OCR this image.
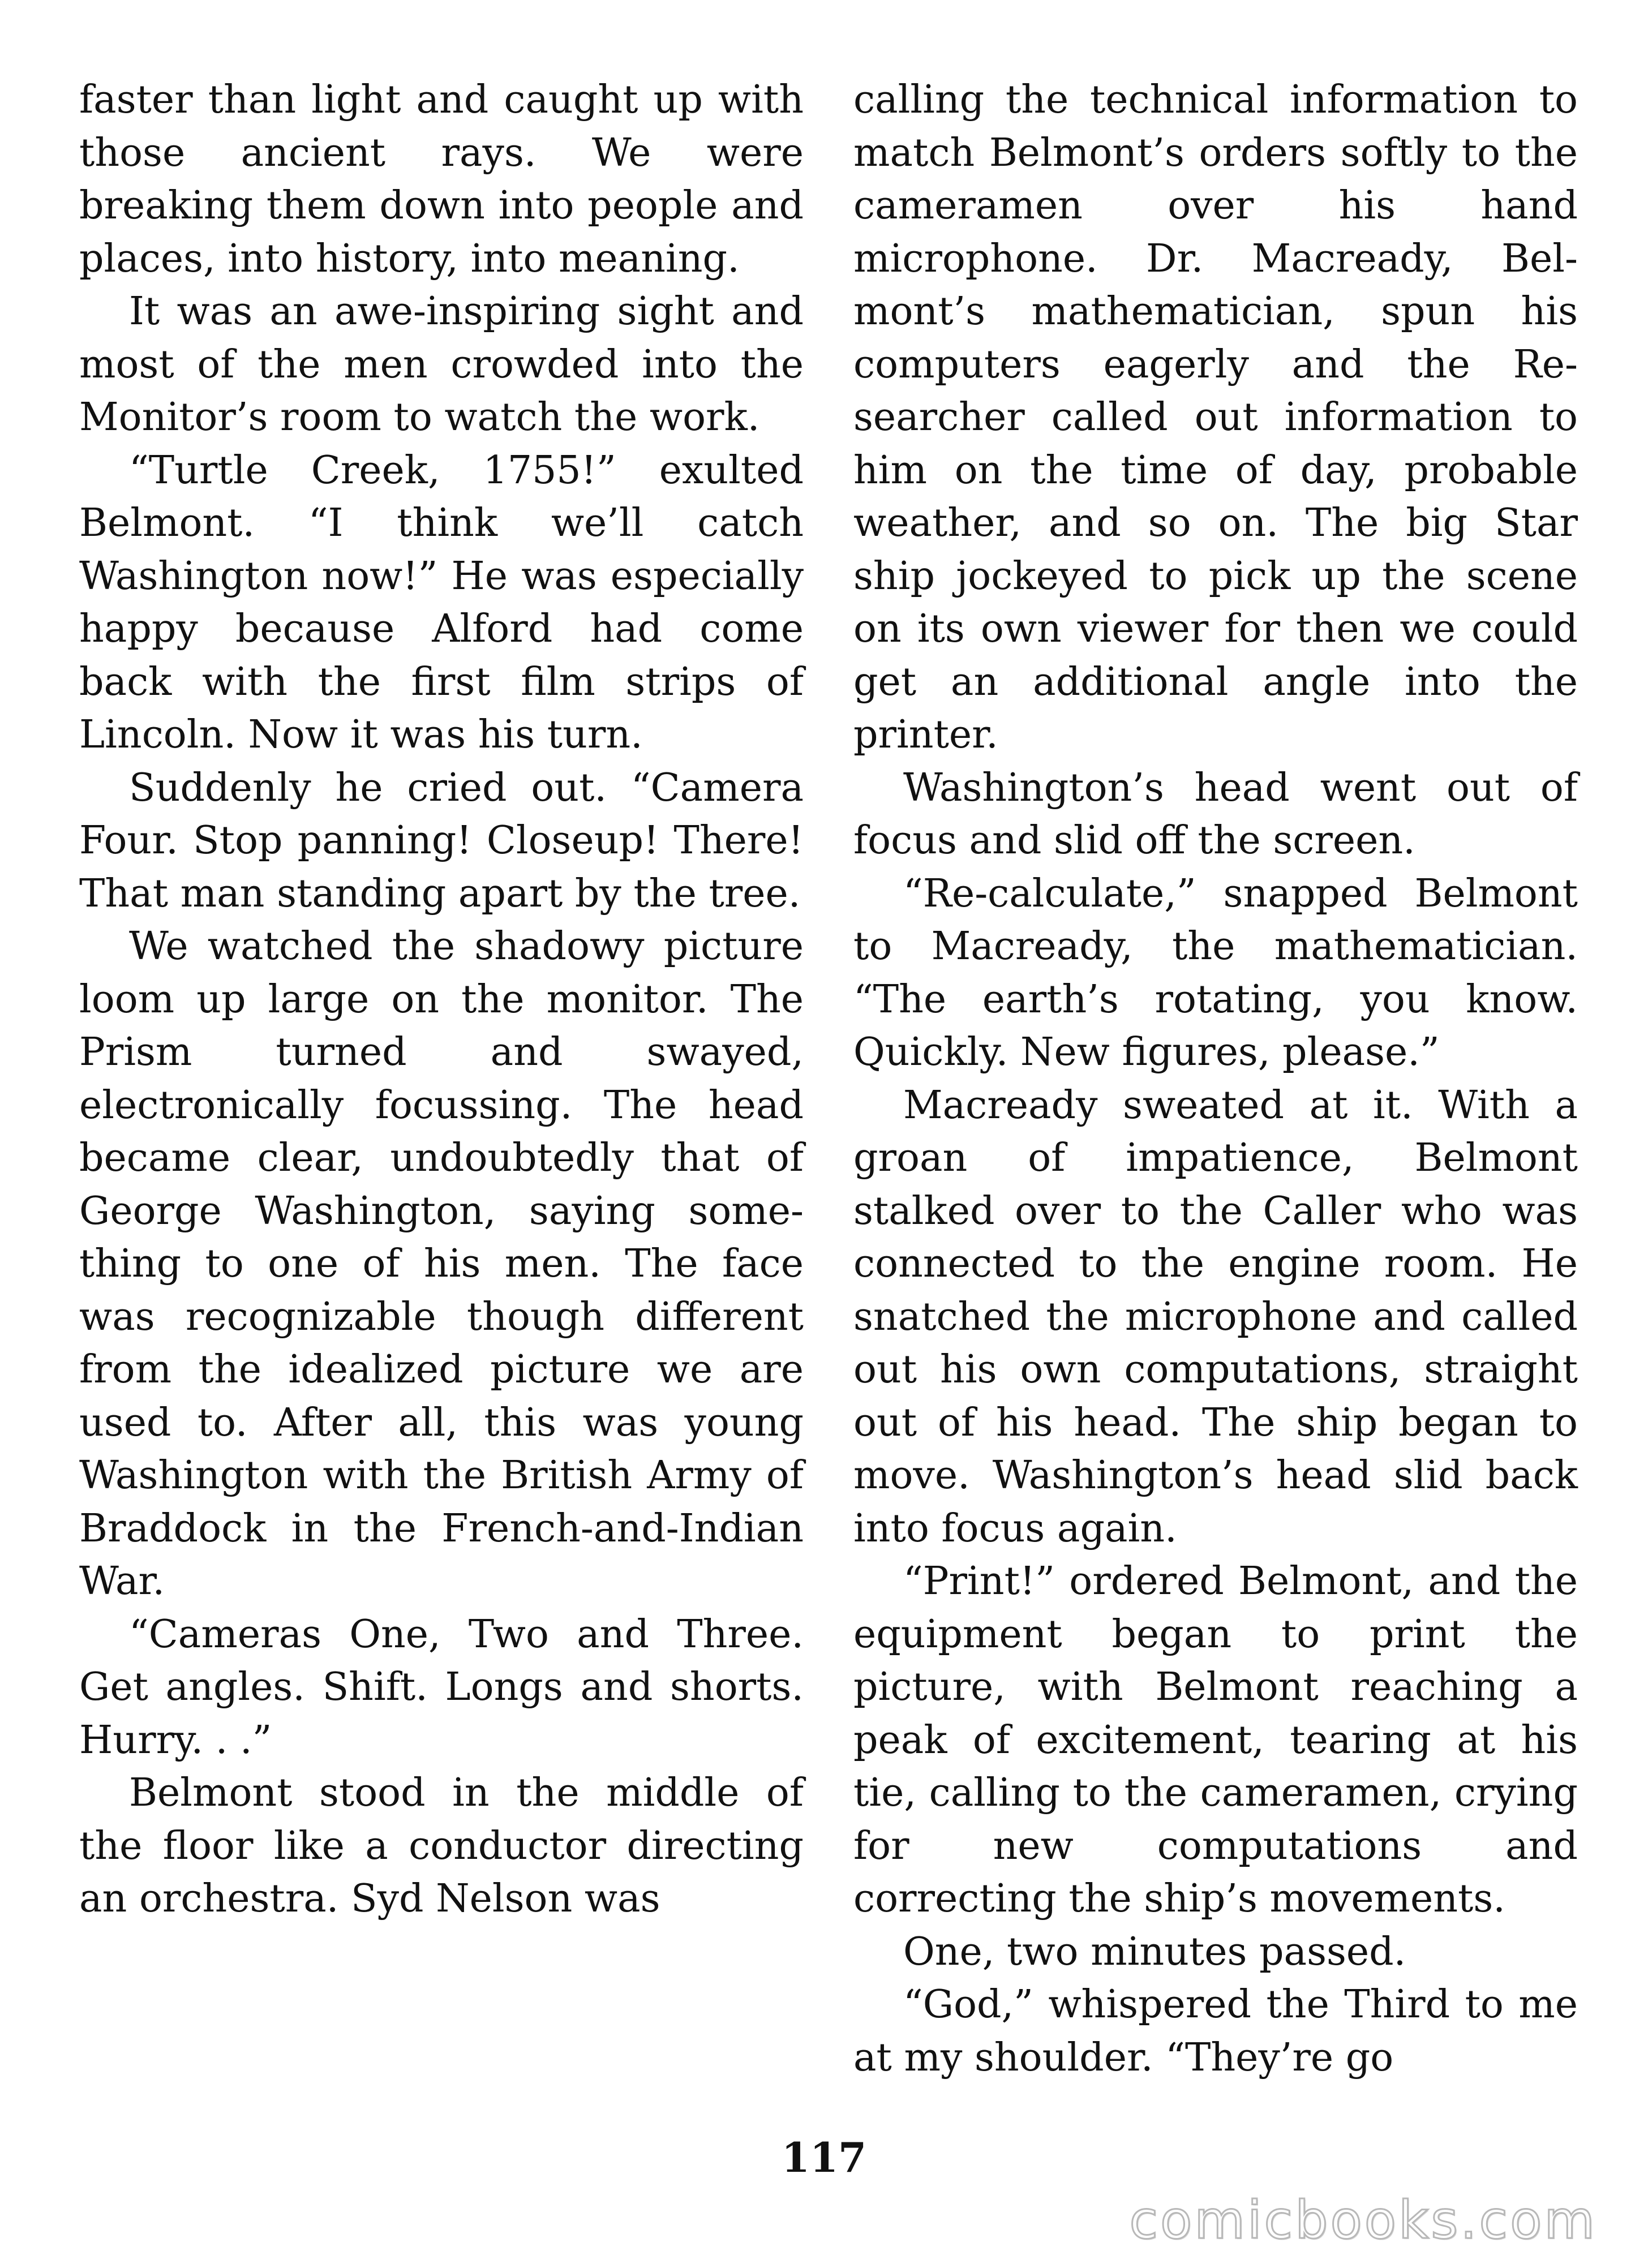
faster than light and caught up with those ancient rays. We were breaking them down into people and places, into history, into meaning.

It was an awe-inspiring sight and most of the men crowded into the Monitor’s room to watch the work.

“Turtle Creek, 1755!” exulted Belmont. “I think we’ll catch Washington now!” He was especially happy because Alford had come back with the first film strips of Lincoln. Now it was his turn.

Suddenly he cried out. “Camera Four. Stop panning! Closeup! There! That man standing apart by the tree.

We watched the shadowy picture loom up large on the monitor. The Prism turned and swayed, electronically focussing. The head became clear, undoubtedly that of George Washington, saying something to one of his men. The face was recognizable though different from the idealized picture we are used to. After all, this was young Washington with the British Army of Braddock in the French-and-Indian War.

“Cameras One, Two and Three. Get angles. Shift. Longs and shorts. Hurry. . .”

Belmont stood in the middle of the floor like a conductor directing an orchestra. Syd Nelson was

calling the technical information to match Belmont’s orders softly to the cameramen over his hand microphone. Dr. Macready, Belmont’s mathematician, spun his computers eagerly and the Researcher called out information to him on the time of day, probable weather, and so on. The big Star ship jockeyed to pick up the scene on its own viewer for then we could get an additional angle into the printer.

Washington’s head went out of focus and slid off the screen.

“Re-calculate,” snapped Belmont to Macready, the mathematician. “The earth’s rotating, you know. Quickly. New figures, please.”

Macready sweated at it. With a groan of impatience, Belmont stalked over to the Caller who was connected to the engine room. He snatched the microphone and called out his own computations, straight out of his head. The ship began to move. Washington’s head slid back into focus again.

“Print!” ordered Belmont, and the equipment began to print the picture, with Belmont reaching a peak of excitement, tearing at his tie, calling to the cameramen, crying for new computations and correcting the ship’s movements.

One, two minutes passed.

“God,” whispered the Third to me at my shoulder. “They’re go

117
comicbooks.com
